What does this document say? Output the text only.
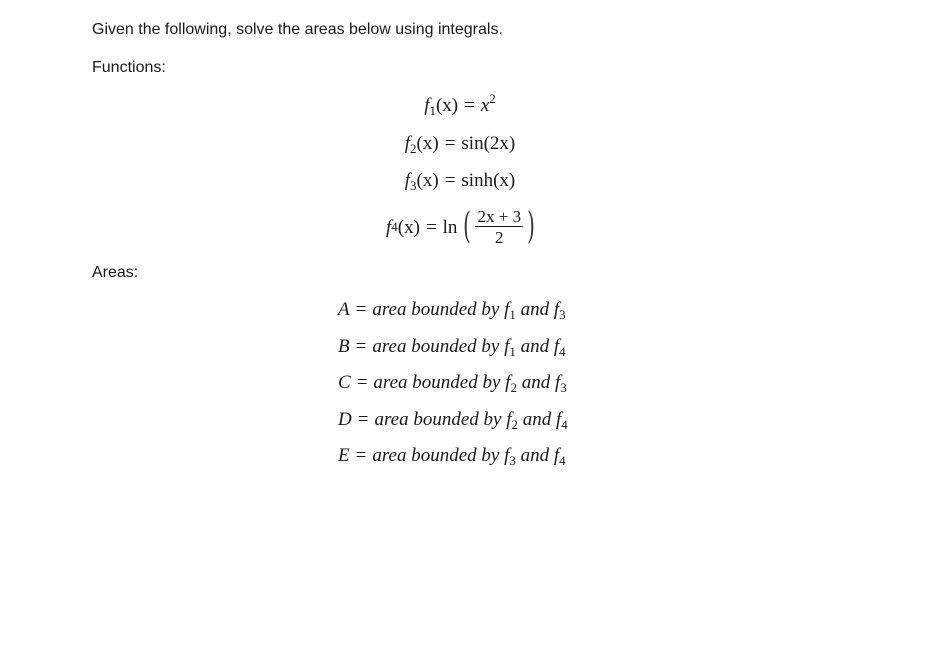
Given the following, solve the areas below using integrals.
Functions:
$f_1(x) = x^2$
$f_2(x) = \sin(2x)$
$f_3(x) = \sinh(x)$
f 4 (x) = ln ( $\frac{2x + 3}{2}$ )
Areas:
A = area bounded by $f_1$ and $f_3$
B = area bounded by $f_1$ and $f_4$
C = area bounded by $f_2$ and $f_3$
D = area bounded by $f_2$ and $f_4$
E = area bounded by $f_3$ and $f_4$
